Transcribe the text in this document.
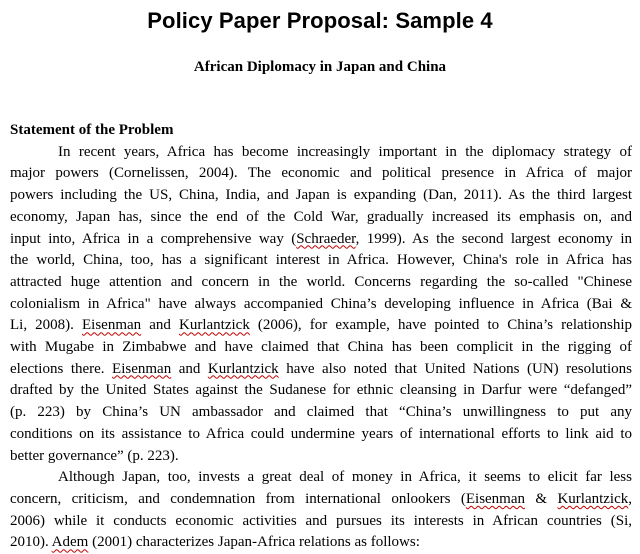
Policy Paper Proposal: Sample 4
African Diplomacy in Japan and China
Statement of the Problem
In recent years, Africa has become increasingly important in the diplomacy strategy of
major powers (Cornelissen, 2004). The economic and political presence in Africa of major
powers including the US, China, India, and Japan is expanding (Dan, 2011). As the third largest
economy, Japan has, since the end of the Cold War, gradually increased its emphasis on, and
input into, Africa in a comprehensive way (Schraeder, 1999). As the second largest economy in
the world, China, too, has a significant interest in Africa. However, China's role in Africa has
attracted huge attention and concern in the world. Concerns regarding the so-called "Chinese
colonialism in Africa" have always accompanied China’s developing influence in Africa (Bai &
Li, 2008). Eisenman and Kurlantzick (2006), for example, have pointed to China’s relationship
with Mugabe in Zimbabwe and have claimed that China has been complicit in the rigging of
elections there. Eisenman and Kurlantzick have also noted that United Nations (UN) resolutions
drafted by the United States against the Sudanese for ethnic cleansing in Darfur were “defanged”
(p. 223) by China’s UN ambassador and claimed that “China’s unwillingness to put any
conditions on its assistance to Africa could undermine years of international efforts to link aid to
better governance” (p. 223).
Although Japan, too, invests a great deal of money in Africa, it seems to elicit far less
concern, criticism, and condemnation from international onlookers (Eisenman & Kurlantzick,
2006) while it conducts economic activities and pursues its interests in African countries (Si,
2010). Adem (2001) characterizes Japan-Africa relations as follows:
